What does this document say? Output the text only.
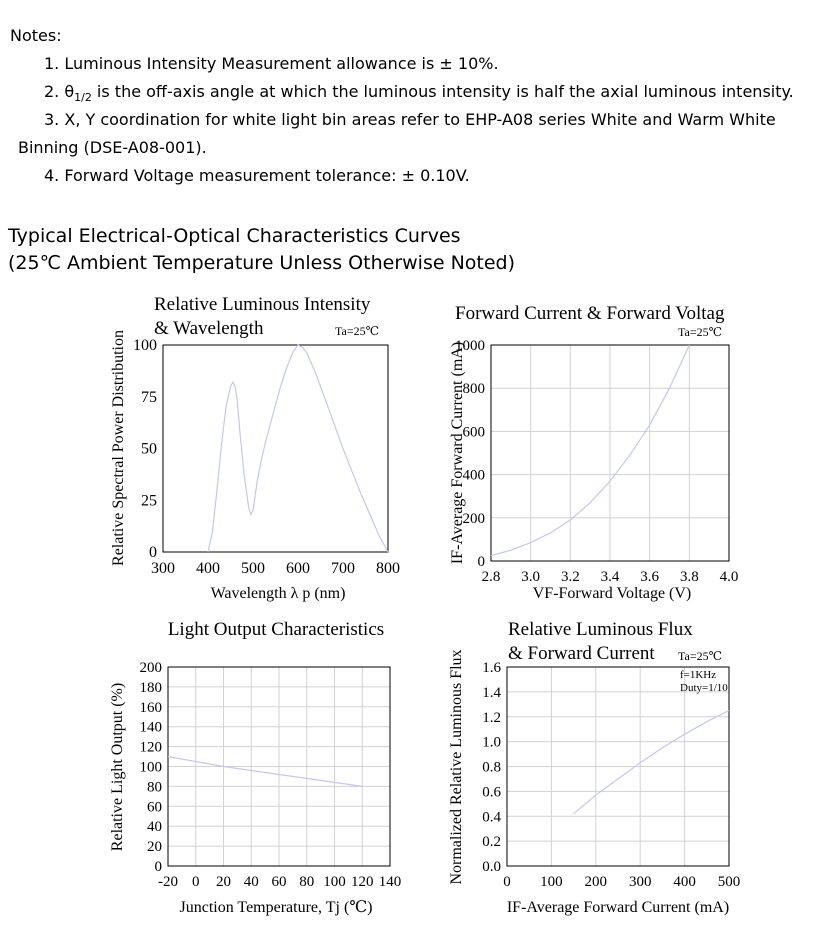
Notes:
1. Luminous Intensity Measurement allowance is ± 10%.
2. $\theta_{1/2}$ is the off-axis angle at which the luminous intensity is half the axial luminous intensity.
3. X, Y coordination for white light bin areas refer to EHP-A08 series White and Warm White
Binning (DSE-A08-001).
4. Forward Voltage measurement tolerance: ± 0.10V.
Typical Electrical-Optical Characteristics Curves
(25℃ Ambient Temperature Unless Otherwise Noted)
Relative Luminous Intensity
& Wavelength	Ta=25℃
0
25
50
75
100
300 400 500 600 700 800
Wavelength λ p (nm)
Relative Spectral Power Distribution
Forward Current & Forward Voltag
Ta=25℃
0
200
400
600
800
1000
2.8 3.0 3.2 3.4 3.6 3.8 4.0
VF-Forward Voltage (V)
IF-Average Forward Current (mA)
Light Output Characteristics
0
20
40
60
80
100
120
140
160
180
200
-20 0 20 40 60 80 100 120 140
Junction Temperature, Tj (℃)
Relative Light Output (%)
Relative Luminous Flux
& Forward Current Ta=25℃
f=1KHz
Duty=1/10
0.0
0.2
0.4
0.6
0.8
1.0
1.2
1.4
1.6
0 100 200 300 400 500
IF-Average Forward Current (mA)
Normalized Relative Luminous Flux
